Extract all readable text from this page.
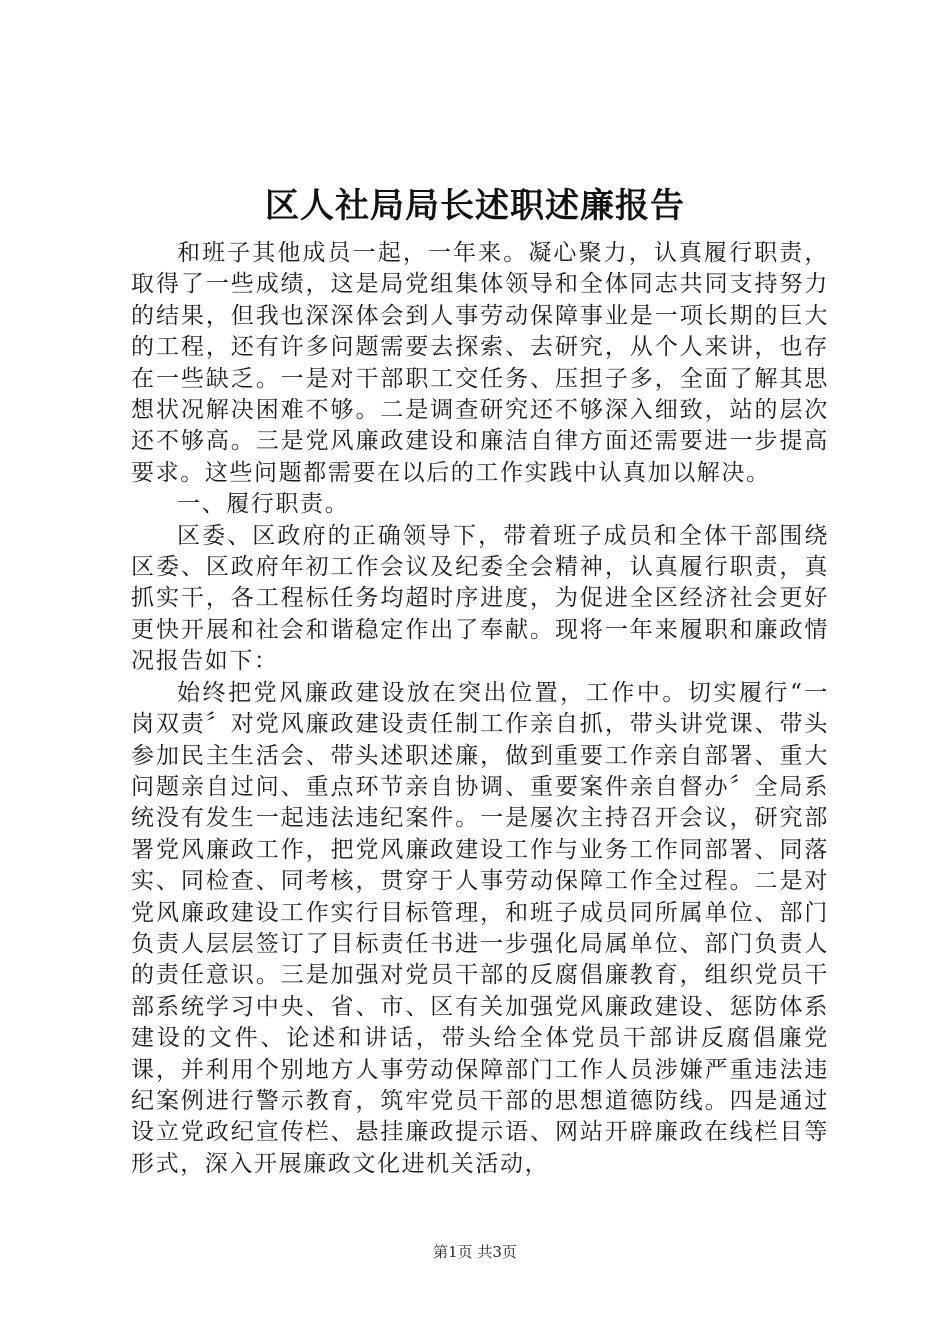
区人社局局长述职述廉报告

和班子其他成员一起，一年来。凝心聚力，认真履行职责，取得了一些成绩，这是局党组集体领导和全体同志共同支持努力的结果，但我也深深体会到人事劳动保障事业是一项长期的巨大的工程，还有许多问题需要去探索、去研究，从个人来讲，也存在一些缺乏。一是对干部职工交任务、压担子多，全面了解其思想状况解决困难不够。二是调查研究还不够深入细致，站的层次还不够高。三是党风廉政建设和廉洁自律方面还需要进一步提高要求。这些问题都需要在以后的工作实践中认真加以解决。

一、履行职责。

区委、区政府的正确领导下，带着班子成员和全体干部围绕区委、区政府年初工作会议及纪委全会精神，认真履行职责，真抓实干，各工程标任务均超时序进度，为促进全区经济社会更好更快开展和社会和谐稳定作出了奉献。现将一年来履职和廉政情况报告如下：

始终把党风廉政建设放在突出位置，工作中。切实履行“一岗双责〞对党风廉政建设责任制工作亲自抓，带头讲党课、带头参加民主生活会、带头述职述廉，做到重要工作亲自部署、重大问题亲自过问、重点环节亲自协调、重要案件亲自督办〞全局系统没有发生一起违法违纪案件。一是屡次主持召开会议，研究部署党风廉政工作，把党风廉政建设工作与业务工作同部署、同落实、同检查、同考核，贯穿于人事劳动保障工作全过程。二是对党风廉政建设工作实行目标管理，和班子成员同所属单位、部门负责人层层签订了目标责任书进一步强化局属单位、部门负责人的责任意识。三是加强对党员干部的反腐倡廉教育，组织党员干部系统学习中央、省、市、区有关加强党风廉政建设、惩防体系建设的文件、论述和讲话，带头给全体党员干部讲反腐倡廉党课，并利用个别地方人事劳动保障部门工作人员涉嫌严重违法违纪案例进行警示教育，筑牢党员干部的思想道德防线。四是通过设立党政纪宣传栏、悬挂廉政提示语、网站开辟廉政在线栏目等形式，深入开展廉政文化进机关活动，

第1页 共3页
